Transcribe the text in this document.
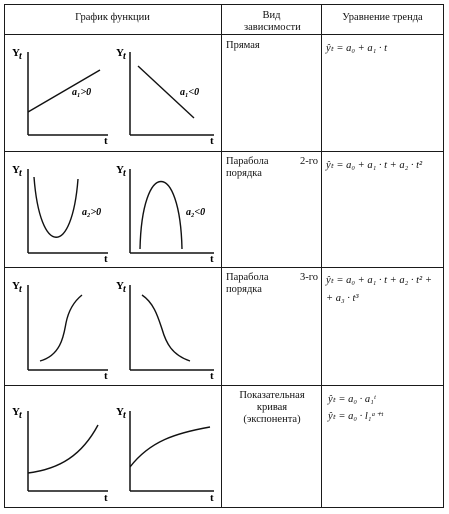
График функции	Вид зависимости
Уравнение тренда
Y t
a₁>0
t
Y t
a₁<0
t
Прямая	ŷₜ = a₀ + a₁ · t
Y t
a₂>0
t
Y t
a₂<0
t
Парабола 2-го порядка
ŷₜ = a₀ + a₁ · t + a₂ · t²
Y t
t
Y t
t
Парабола 3-го порядка
ŷₜ = a₀ + a₁ · t + a₂ · t² +
+ a₃ · t³
Y t
t
Y t
t
Показательная кривая (экспонента)
ŷₜ = a₀ · a₁ᵗ
ŷₜ = a₀ · l₁ᵃ⁺ᵗ
